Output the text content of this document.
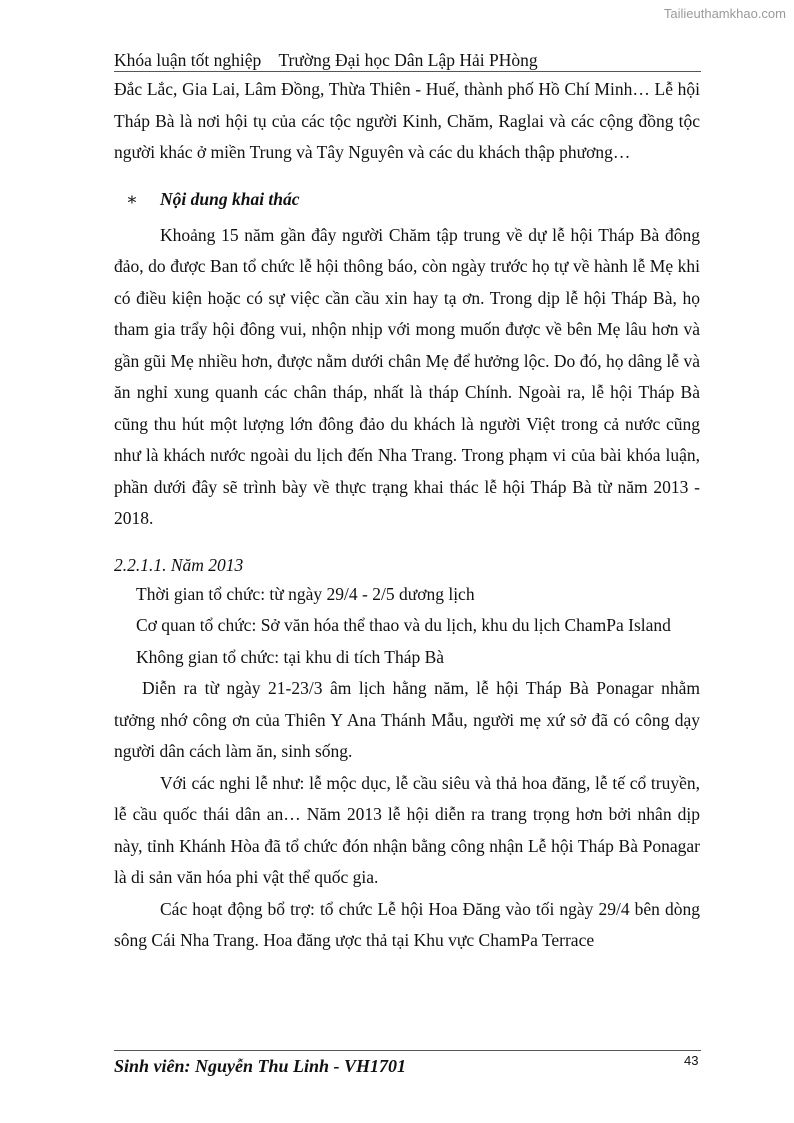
Tailieuthamkhao.com
Khóa luận tốt nghiệp    Trường Đại học Dân Lập Hải PHòng

Đắc Lắc, Gia Lai, Lâm Đồng, Thừa Thiên - Huế, thành phố Hồ Chí Minh… Lễ hội Tháp Bà là nơi hội tụ của các tộc người Kinh, Chăm, Raglai và các cộng đồng tộc người khác ở miền Trung và Tây Nguyên và các du khách thập phương…

∗ Nội dung khai thác

Khoảng 15 năm gần đây người Chăm tập trung về dự lễ hội Tháp Bà đông đảo, do được Ban tổ chức lễ hội thông báo, còn ngày trước họ tự về hành lễ Mẹ khi có điều kiện hoặc có sự việc cần cầu xin hay tạ ơn. Trong dịp lễ hội Tháp Bà, họ tham gia trẩy hội đông vui, nhộn nhịp với mong muốn được về bên Mẹ lâu hơn và gần gũi Mẹ nhiều hơn, được nằm dưới chân Mẹ để hưởng lộc. Do đó, họ dâng lễ và ăn nghỉ xung quanh các chân tháp, nhất là tháp Chính. Ngoài ra, lễ hội Tháp Bà cũng thu hút một lượng lớn đông đảo du khách là người Việt trong cả nước cũng như là khách nước ngoài du lịch đến Nha Trang. Trong phạm vi của bài khóa luận, phần dưới đây sẽ trình bày về thực trạng khai thác lễ hội Tháp Bà từ năm 2013 - 2018.

2.2.1.1. Năm 2013

Thời gian tổ chức: từ ngày 29/4 - 2/5 dương lịch

Cơ quan tổ chức: Sở văn hóa thể thao và du lịch, khu du lịch ChamPa Island

Không gian tổ chức: tại khu di tích Tháp Bà

Diễn ra từ ngày 21-23/3 âm lịch hằng năm, lễ hội Tháp Bà Ponagar nhằm tưởng nhớ công ơn của Thiên Y Ana Thánh Mẫu, người mẹ xứ sở đã có công dạy người dân cách làm ăn, sinh sống.

Với các nghi lễ như: lễ mộc dục, lễ cầu siêu và thả hoa đăng, lễ tế cổ truyền, lễ cầu quốc thái dân an… Năm 2013 lễ hội diễn ra trang trọng hơn bởi nhân dịp này, tỉnh Khánh Hòa đã tổ chức đón nhận bằng công nhận Lễ hội Tháp Bà Ponagar là di sản văn hóa phi vật thể quốc gia.

Các hoạt động bổ trợ: tổ chức Lễ hội Hoa Đăng vào tối ngày 29/4 bên dòng sông Cái Nha Trang. Hoa đăng ược thả tại Khu vực ChamPa Terrace

Sinh viên: Nguyễn Thu Linh - VH1701	43
